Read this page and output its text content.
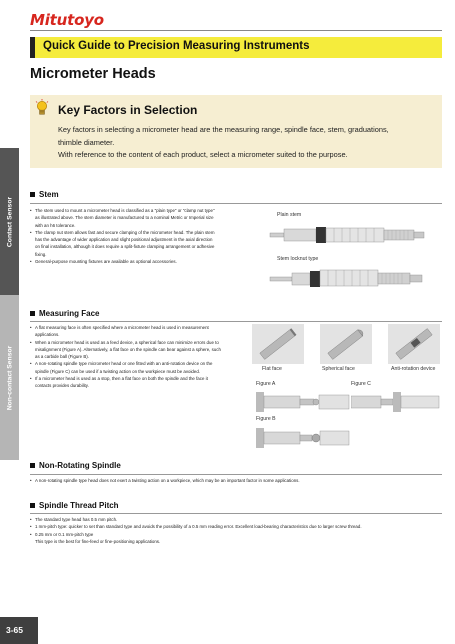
Mitutoyo
Quick Guide to Precision Measuring Instruments
Micrometer Heads
Key Factors in Selection

Key factors in selecting a micrometer head are the measuring range, spindle face, stem, graduations,

thimble diameter.

With reference to the content of each product, select a micrometer suited to the purpose.

Contact Sensor
Non-contact Sensor
Stem
• The stem used to mount a micrometer head is classified as a "plain type" or "clamp nut type"
as illustrated above. The stem diameter is manufactured to a nominal Metric or Imperial size
with an h6 tolerance.
• The clamp nut stem allows fast and secure clamping of the micrometer head. The plain stem
has the advantage of wider application and slight positional adjustment in the axial direction
on final installation, although it does require a split-fixture clamping arrangement or adhesive
fixing.
• General-purpose mounting fixtures are available as optional accessories.
Plain stem
Stem locknut type
Measuring Face
• A flat measuring face is often specified where a micrometer head is used in measurement
applications.
• When a micrometer head is used as a feed device, a spherical face can minimize errors due to
misalignment (Figure A). Alternatively, a flat face on the spindle can bear against a sphere, such
as a carbide ball (Figure B).
• A non-rotating spindle type micrometer head or one fitted with an anti-rotation device on the
spindle (Figure C) can be used if a twisting action on the workpiece must be avoided.
• If a micrometer head is used as a stop, then a flat face on both the spindle and the face it
contacts provides durability.
Flat face	Spherical face	Anti-rotation device
Figure A	Figure C
Figure B
Non-Rotating Spindle
• A non-rotating spindle type head does not exert a twisting action on a workpiece, which may be an important factor in some applications.
Spindle Thread Pitch
• The standard type head has 0.5 mm pitch.
• 1 mm-pitch type: quicker to set than standard type and avoids the possibility of a 0.5 mm reading error. Excellent load-bearing characteristics due to larger screw thread.
• 0.25 mm or 0.1 mm-pitch type
This type is the best for fine-feed or fine-positioning applications.
3-65
